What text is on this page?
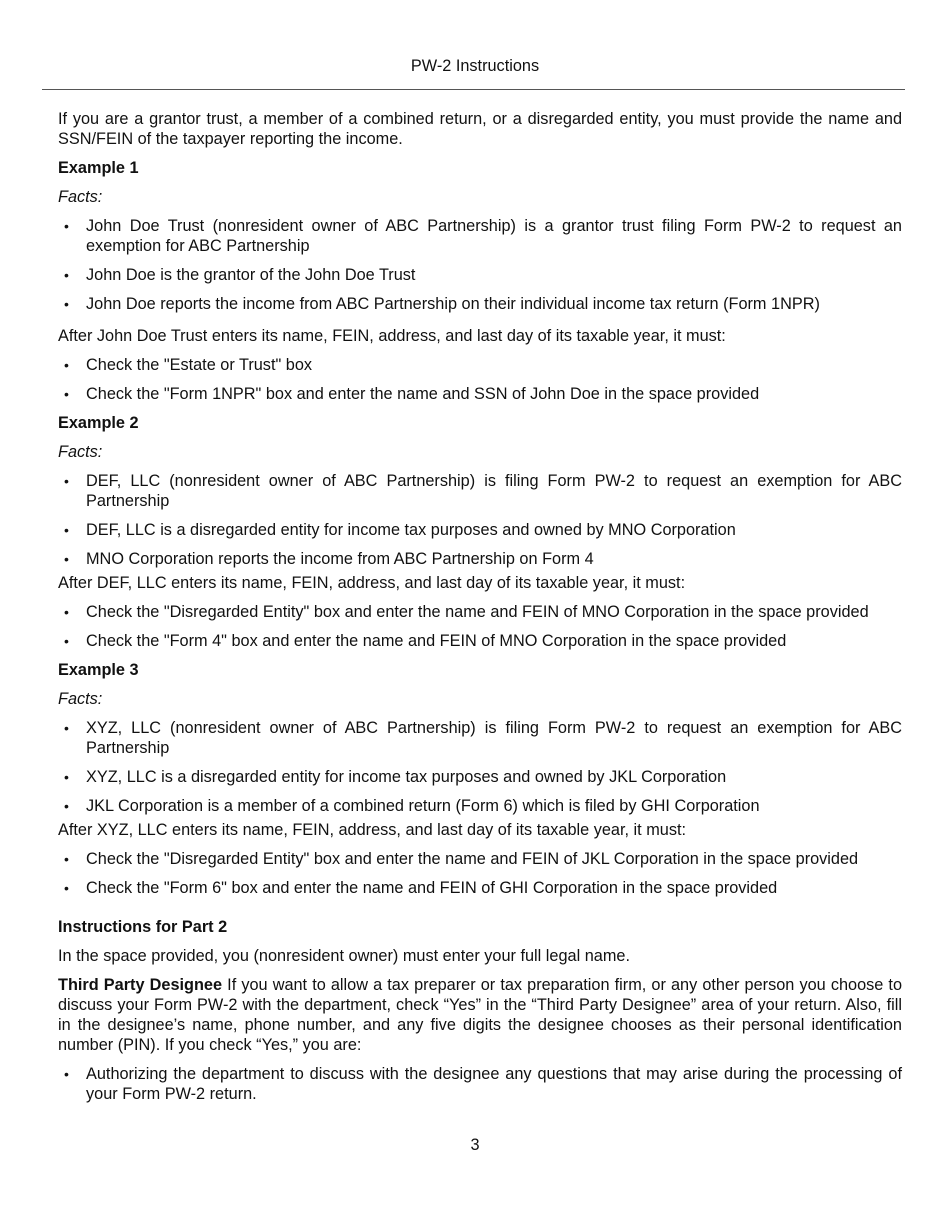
PW-2 Instructions

If you are a grantor trust, a member of a combined return, or a disregarded entity, you must provide the name and SSN/FEIN of the taxpayer reporting the income.

Example 1

Facts:

• John Doe Trust (nonresident owner of ABC Partnership) is a grantor trust filing Form PW-2 to request an exemption for ABC Partnership
• John Doe is the grantor of the John Doe Trust
• John Doe reports the income from ABC Partnership on their individual income tax return (Form 1NPR)

After John Doe Trust enters its name, FEIN, address, and last day of its taxable year, it must:

• Check the "Estate or Trust" box
• Check the "Form 1NPR" box and enter the name and SSN of John Doe in the space provided

Example 2

Facts:

• DEF, LLC (nonresident owner of ABC Partnership) is filing Form PW-2 to request an exemption for ABC Partnership
• DEF, LLC is a disregarded entity for income tax purposes and owned by MNO Corporation
• MNO Corporation reports the income from ABC Partnership on Form 4

After DEF, LLC enters its name, FEIN, address, and last day of its taxable year, it must:

• Check the "Disregarded Entity" box and enter the name and FEIN of MNO Corporation in the space provided
• Check the "Form 4" box and enter the name and FEIN of MNO Corporation in the space provided

Example 3

Facts:

• XYZ, LLC (nonresident owner of ABC Partnership) is filing Form PW-2 to request an exemption for ABC Partnership
• XYZ, LLC is a disregarded entity for income tax purposes and owned by JKL Corporation
• JKL Corporation is a member of a combined return (Form 6) which is filed by GHI Corporation

After XYZ, LLC enters its name, FEIN, address, and last day of its taxable year, it must:

• Check the "Disregarded Entity" box and enter the name and FEIN of JKL Corporation in the space provided
• Check the "Form 6" box and enter the name and FEIN of GHI Corporation in the space provided

Instructions for Part 2

In the space provided, you (nonresident owner) must enter your full legal name.

Third Party Designee If you want to allow a tax preparer or tax preparation firm, or any other person you choose to discuss your Form PW-2 with the department, check “Yes” in the “Third Party Designee” area of your return. Also, fill in the designee’s name, phone number, and any five digits the designee chooses as their personal identification number (PIN). If you check “Yes,” you are:

• Authorizing the department to discuss with the designee any questions that may arise during the processing of your Form PW-2 return.
3
